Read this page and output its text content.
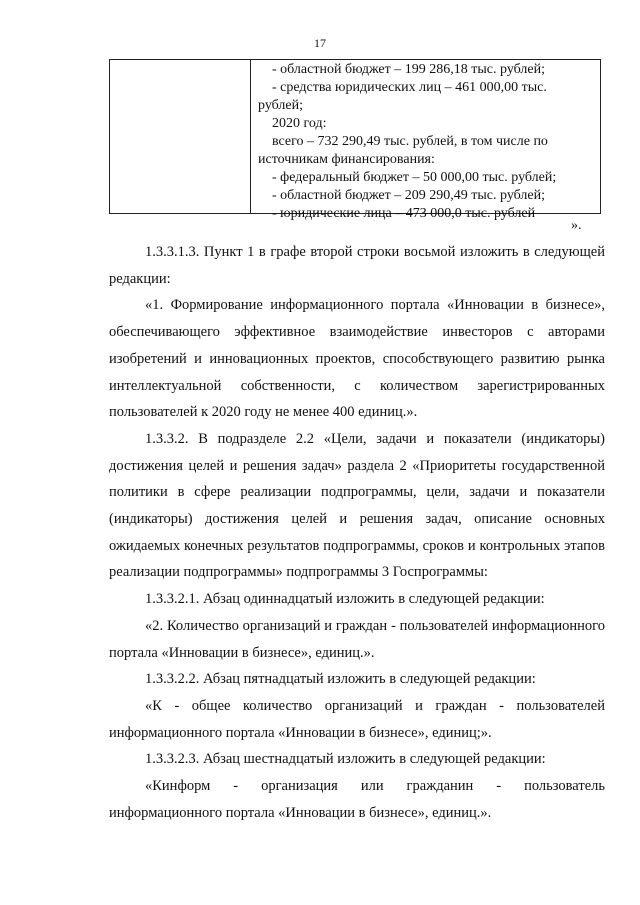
17

- областной бюджет – 199 286,18 тыс. рублей;

- средства юридических лиц – 461 000,00 тыс.

рублей;

2020 год:

всего – 732 290,49 тыс. рублей, в том числе по

источникам финансирования:

- федеральный бюджет – 50 000,00 тыс. рублей;

- областной бюджет – 209 290,49 тыс. рублей;

- юридические лица – 473 000,0 тыс. рублей

».

1.3.3.1.3. Пункт 1 в графе второй строки восьмой изложить в следующей редакции:

«1. Формирование информационного портала «Инновации в бизнесе», обеспечивающего эффективное взаимодействие инвесторов с авторами изобретений и инновационных проектов, способствующего развитию рынка интеллектуальной собственности, с количеством зарегистрированных пользователей к 2020 году не менее 400 единиц.».

1.3.3.2. В подразделе 2.2 «Цели, задачи и показатели (индикаторы) достижения целей и решения задач» раздела 2 «Приоритеты государственной политики в сфере реализации подпрограммы, цели, задачи и показатели (индикаторы) достижения целей и решения задач, описание основных ожидаемых конечных результатов подпрограммы, сроков и контрольных этапов реализации подпрограммы» подпрограммы 3 Госпрограммы:

1.3.3.2.1. Абзац одиннадцатый изложить в следующей редакции:

«2. Количество организаций и граждан - пользователей информационного портала «Инновации в бизнесе», единиц.».

1.3.3.2.2. Абзац пятнадцатый изложить в следующей редакции:

«К - общее количество организаций и граждан - пользователей информационного портала «Инновации в бизнесе», единиц;».

1.3.3.2.3. Абзац шестнадцатый изложить в следующей редакции:

«Кинформ - организация или гражданин - пользователь информационного портала «Инновации в бизнесе», единиц.».
